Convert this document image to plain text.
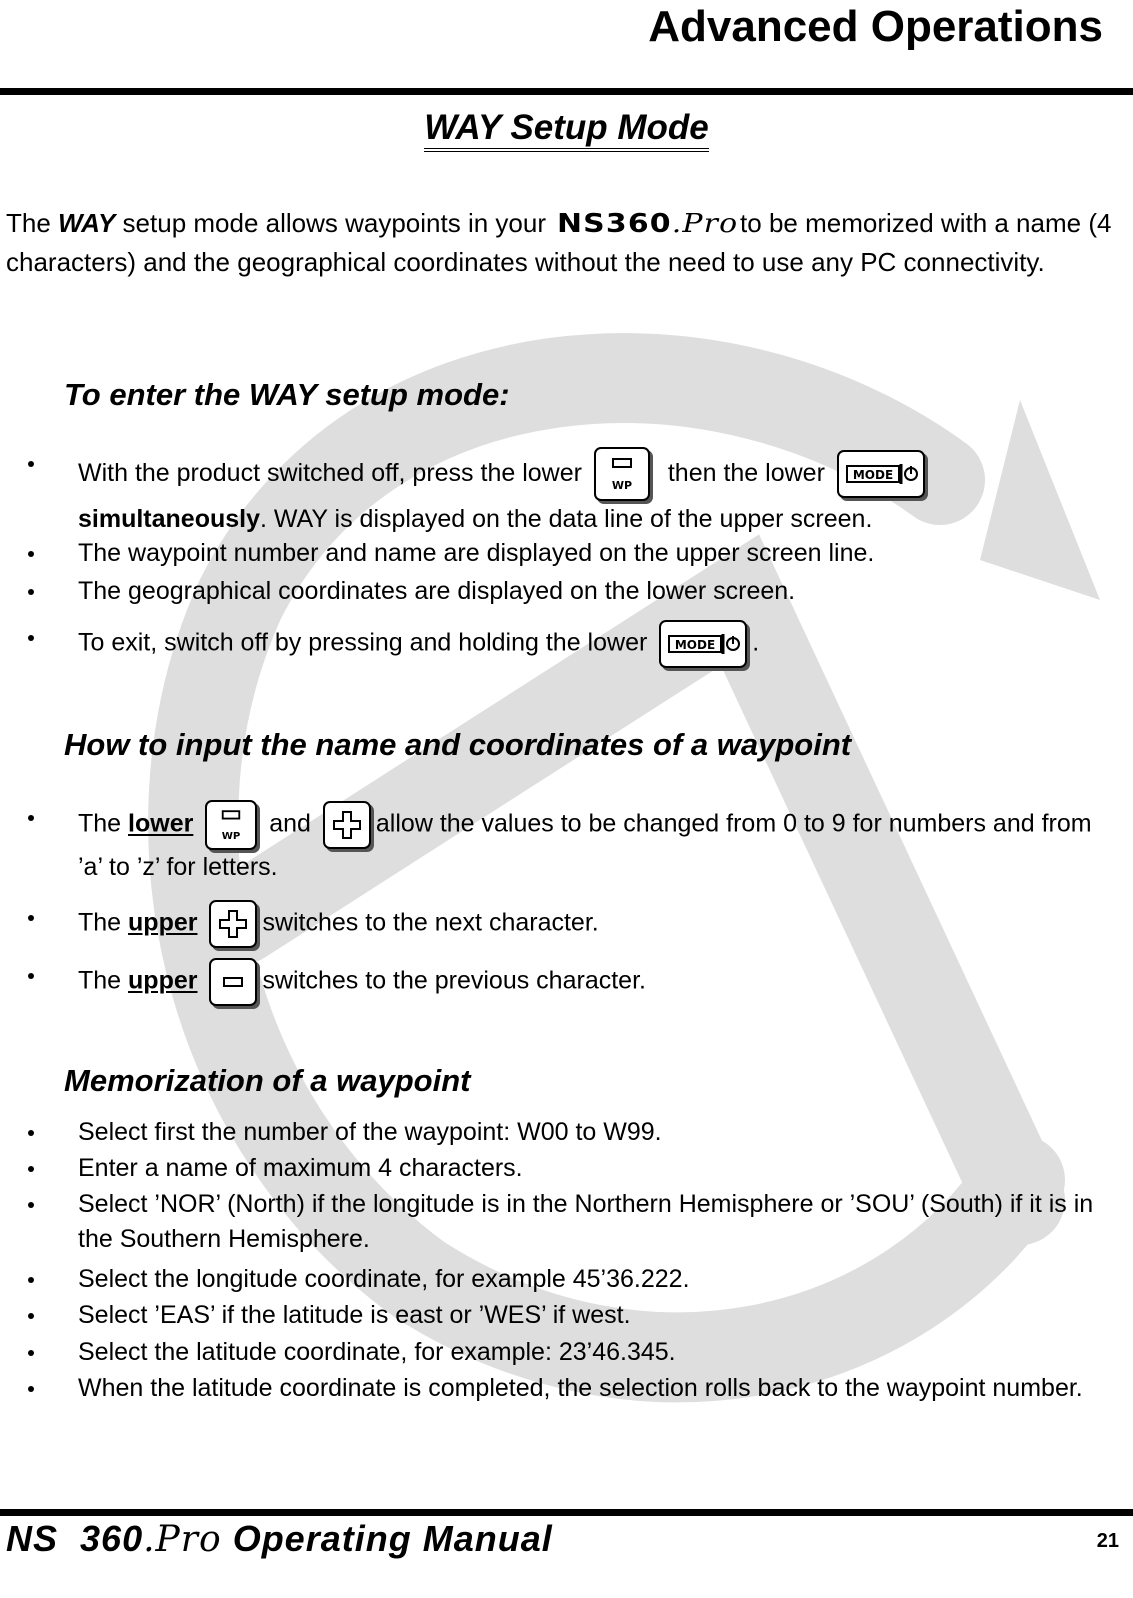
Advanced Operations
WAY Setup Mode
The WAY setup mode allows waypoints in your NS360.Pro to be memorized with a name (4 characters) and the geographical coordinates without the need to use any PC connectivity.
To enter the WAY setup mode:
With the product switched off, press the lower	WP then the lower MODE
simultaneously. WAY is displayed on the data line of the upper screen.
The waypoint number and name are displayed on the upper screen line.
The geographical coordinates are displayed on the lower screen.
To exit, switch off by pressing and holding the lower MODE .
How to input the name and coordinates of a waypoint
The lower	WP and	allow the values to be changed from 0 to 9 for numbers and from ’a’ to ’z’ for letters.
The upper	switches to the next character.
The upper	switches to the previous character.
Memorization of a waypoint
Select first the number of the waypoint: W00 to W99.
Enter a name of maximum 4 characters.
Select ’NOR’ (North) if the longitude is in the Northern Hemisphere or ’SOU’ (South) if it is in the Southern Hemisphere.
Select the longitude coordinate, for example 45’36.222.
Select ’EAS’ if the latitude is east or ’WES’ if west.
Select the latitude coordinate, for example: 23’46.345.
When the latitude coordinate is completed, the selection rolls back to the waypoint number.
NS 360.Pro Operating Manual	21
